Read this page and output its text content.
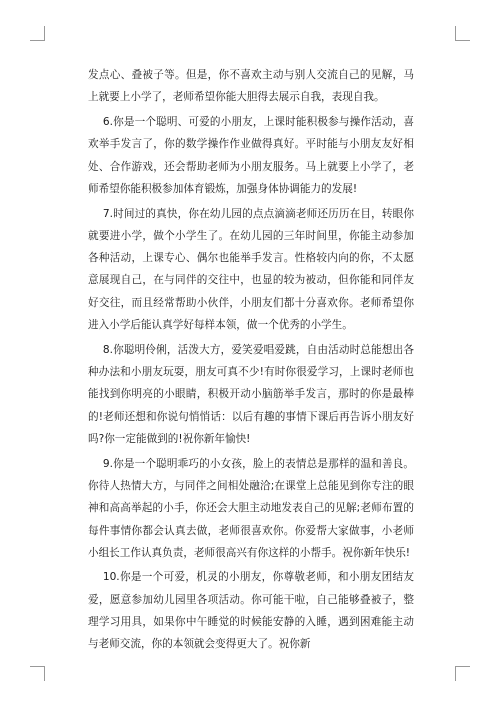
发点心、叠被子等。但是，你不喜欢主动与别人交流自己的见解，马上就要上小学了，老师希望你能大胆得去展示自我，表现自我。

6.你是一个聪明、可爱的小朋友，上课时能积极参与操作活动，喜欢举手发言了，你的数学操作作业做得真好。平时能与小朋友友好相处、合作游戏，还会帮助老师为小朋友服务。马上就要上小学了，老师希望你能积极参加体育锻炼，加强身体协调能力的发展!

7.时间过的真快，你在幼儿园的点点滴滴老师还历历在目，转眼你就要进小学，做个小学生了。在幼儿园的三年时间里，你能主动参加各种活动，上课专心、偶尔也能举手发言。性格较内向的你，不太愿意展现自己，在与同伴的交往中，也显的较为被动，但你能和同伴友好交往，而且经常帮助小伙伴，小朋友们都十分喜欢你。老师希望你进入小学后能认真学好每样本领，做一个优秀的小学生。

8.你聪明伶俐，活泼大方，爱笑爱唱爱跳，自由活动时总能想出各种办法和小朋友玩耍，朋友可真不少!有时你很爱学习，上课时老师也能找到你明亮的小眼睛，积极开动小脑筋举手发言，那时的你是最棒的!老师还想和你说句悄悄话：以后有趣的事情下课后再告诉小朋友好吗?你一定能做到的!祝你新年愉快!

9.你是一个聪明乖巧的小女孩，脸上的表情总是那样的温和善良。你待人热情大方，与同伴之间相处融洽;在课堂上总能见到你专注的眼神和高高举起的小手，你还会大胆主动地发表自己的见解;老师布置的每件事情你都会认真去做，老师很喜欢你。你爱帮大家做事，小老师小组长工作认真负责，老师很高兴有你这样的小帮手。祝你新年快乐!

10.你是一个可爱，机灵的小朋友，你尊敬老师，和小朋友团结友爱，愿意参加幼儿园里各项活动。你可能干啦，自己能够叠被子，整理学习用具，如果你中午睡觉的时候能安静的入睡，遇到困难能主动与老师交流，你的本领就会变得更大了。祝你新
